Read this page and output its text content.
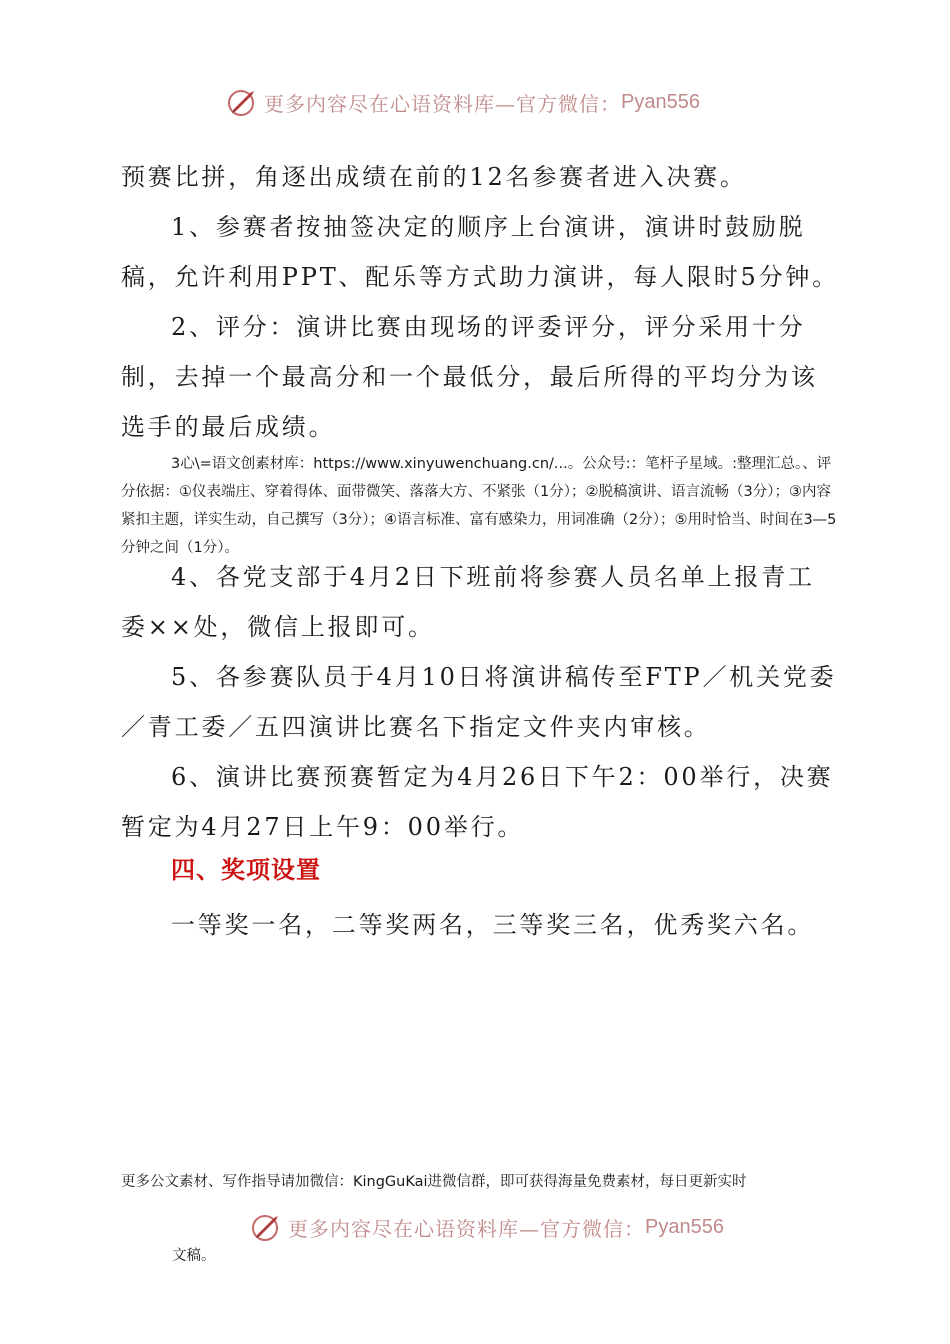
更多内容尽在心语资料库—官方微信： Pyan556

预赛比拼，角逐出成绩在前的12名参赛者进入决赛。

1、参赛者按抽签决定的顺序上台演讲，演讲时鼓励脱稿，允许利用PPT、配乐等方式助力演讲，每人限时5分钟。

2、评分：演讲比赛由现场的评委评分，评分采用十分制，去掉一个最高分和一个最低分，最后所得的平均分为该选手的最后成绩。

3心\=语文创素材库：https://www.xinyuwenchuang.cn/...。公众号:：笔杆子星域。:整理汇总。、评分依据：①仪表端庄、穿着得体、面带微笑、落落大方、不紧张（1分）；②脱稿演讲、语言流畅（3分）；③内容紧扣主题，详实生动，自己撰写（3分）；④语言标准、富有感染力，用词准确（2分）；⑤用时恰当、时间在3—5分钟之间（1分）。

4、各党支部于4月2日下班前将参赛人员名单上报青工委××处，微信上报即可。

5、各参赛队员于4月10日将演讲稿传至FTP／机关党委／青工委／五四演讲比赛名下指定文件夹内审核。

6、演讲比赛预赛暂定为4月26日下午2：00举行，决赛暂定为4月27日上午9：00举行。

四、奖项设置

一等奖一名，二等奖两名，三等奖三名，优秀奖六名。

更多公文素材、写作指导请加微信：KingGuKai进微信群，即可获得海量免费素材，每日更新实时

更多内容尽在心语资料库—官方微信： Pyan556

文稿。
